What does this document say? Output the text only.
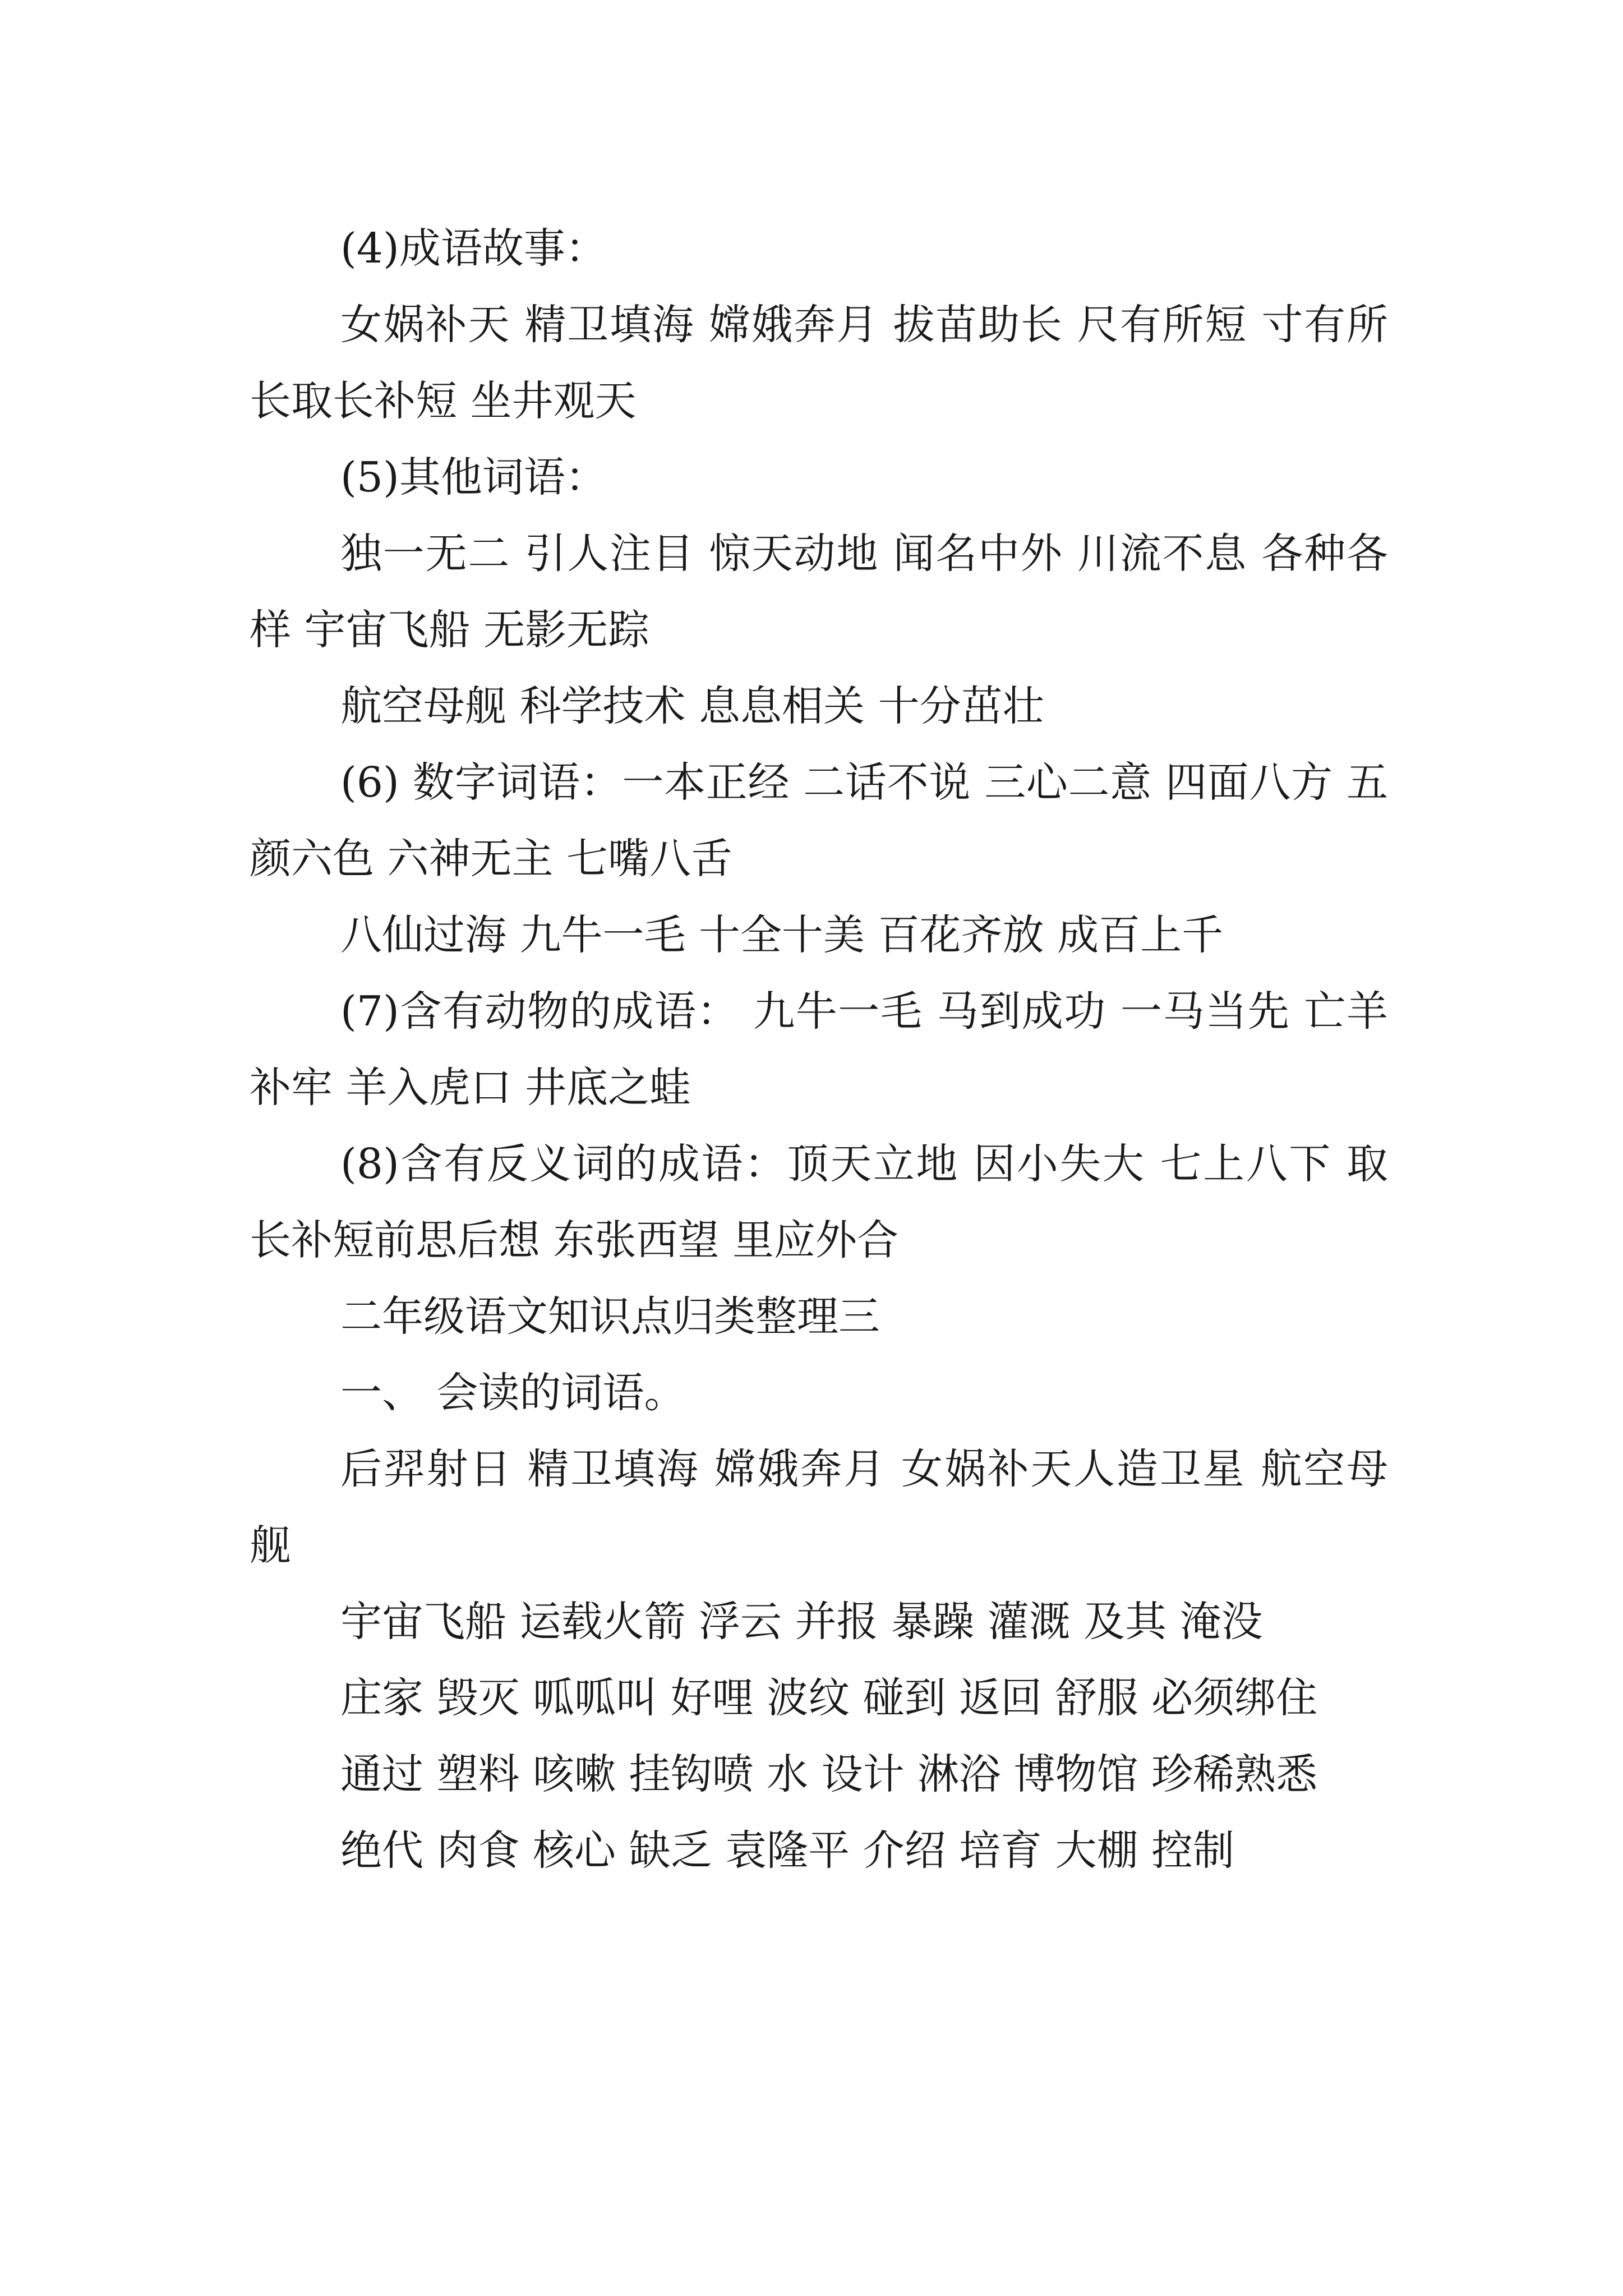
(4)成语故事：

女娲补天 精卫填海 嫦娥奔月 拔苗助长 尺有所短 寸有所长取长补短 坐井观天

(5)其他词语：

独一无二 引人注目 惊天动地 闻名中外 川流不息 各种各样 宇宙飞船 无影无踪

航空母舰 科学技术 息息相关 十分茁壮

(6) 数字词语：一本正经 二话不说 三心二意 四面八方 五颜六色 六神无主 七嘴八舌

八仙过海 九牛一毛 十全十美 百花齐放 成百上千

(7)含有动物的成语： 九牛一毛 马到成功 一马当先 亡羊补牢 羊入虎口 井底之蛙

(8)含有反义词的成语：顶天立地 因小失大 七上八下 取长补短前思后想 东张西望 里应外合

二年级语文知识点归类整理三

一、 会读的词语。

后羿射日 精卫填海 嫦娥奔月 女娲补天人造卫星 航空母舰

宇宙飞船 运载火箭 浮云 并报 暴躁 灌溉 及其 淹没

庄家 毁灭 呱呱叫 好哩 波纹 碰到 返回 舒服 必须绑住

通过 塑料 咳嗽 挂钩喷 水 设计 淋浴 博物馆 珍稀熟悉

绝代 肉食 核心 缺乏 袁隆平 介绍 培育 大棚 控制
